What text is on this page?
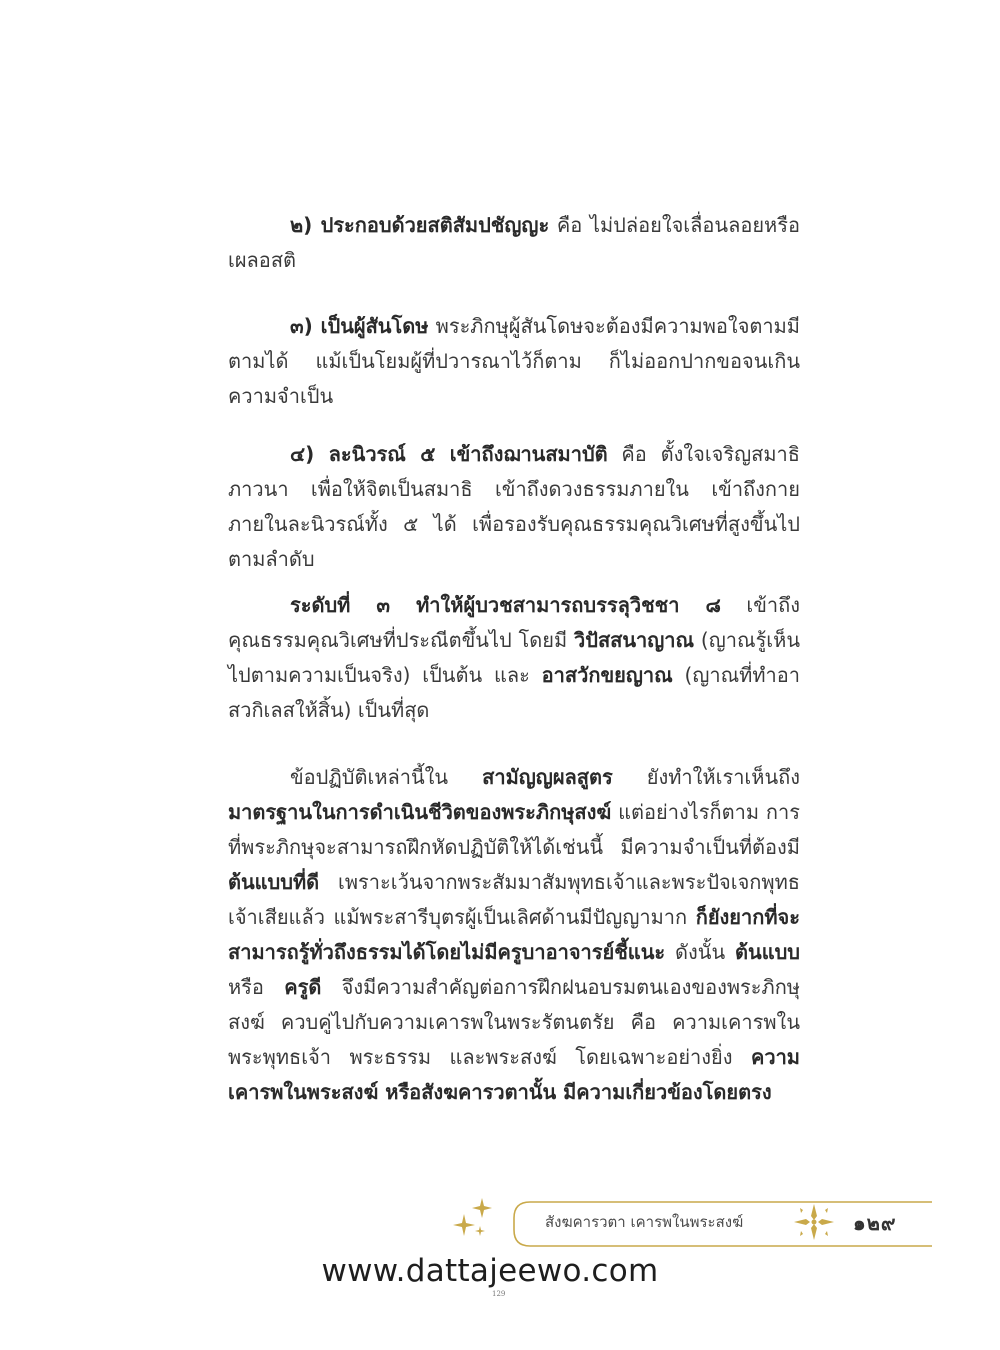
๒) ประกอบด้วยสติสัมปชัญญะ คือ ไม่ปล่อยใจเลื่อนลอยหรือเผลอสติ

๓) เป็นผู้สันโดษ พระภิกษุผู้สันโดษจะต้องมีความพอใจตามมีตามได้ แม้เป็นโยมผู้ที่ปวารณาไว้ก็ตาม ก็ไม่ออกปากขอจนเกินความจำเป็น

๔) ละนิวรณ์ ๕ เข้าถึงฌานสมาบัติ คือ ตั้งใจเจริญสมาธิภาวนา เพื่อให้จิตเป็นสมาธิ เข้าถึงดวงธรรมภายใน เข้าถึงกายภายในละนิวรณ์ทั้ง ๕ ได้ เพื่อรองรับคุณธรรมคุณวิเศษที่สูงขึ้นไปตามลำดับ

ระดับที่ ๓ ทำให้ผู้บวชสามารถบรรลุวิชชา ๘ เข้าถึงคุณธรรมคุณวิเศษที่ประณีตขึ้นไป โดยมี วิปัสสนาญาณ (ญาณรู้เห็นไปตามความเป็นจริง) เป็นต้น และ อาสวักขยญาณ (ญาณที่ทำอาสวกิเลสให้สิ้น) เป็นที่สุด

ข้อปฏิบัติเหล่านี้ใน สามัญญผลสูตร ยังทำให้เราเห็นถึงมาตรฐานในการดำเนินชีวิตของพระภิกษุสงฆ์ แต่อย่างไรก็ตาม การที่พระภิกษุจะสามารถฝึกหัดปฏิบัติให้ได้เช่นนี้ มีความจำเป็นที่ต้องมี ต้นแบบที่ดี เพราะเว้นจากพระสัมมาสัมพุทธเจ้าและพระปัจเจกพุทธเจ้าเสียแล้ว แม้พระสารีบุตรผู้เป็นเลิศด้านมีปัญญามาก ก็ยังยากที่จะสามารถรู้ทั่วถึงธรรมได้โดยไม่มีครูบาอาจารย์ชี้แนะ ดังนั้น ต้นแบบ หรือ ครูดี จึงมีความสำคัญต่อการฝึกฝนอบรมตนเองของพระภิกษุสงฆ์ ควบคู่ไปกับความเคารพในพระรัตนตรัย คือ ความเคารพในพระพุทธเจ้า พระธรรม และพระสงฆ์ โดยเฉพาะอย่างยิ่ง ความเคารพในพระสงฆ์ หรือสังฆคารวตานั้น มีความเกี่ยวข้องโดยตรง

สังฆคารวตา เคารพในพระสงฆ์	๑๒๙
www.dattajeewo.com
129
